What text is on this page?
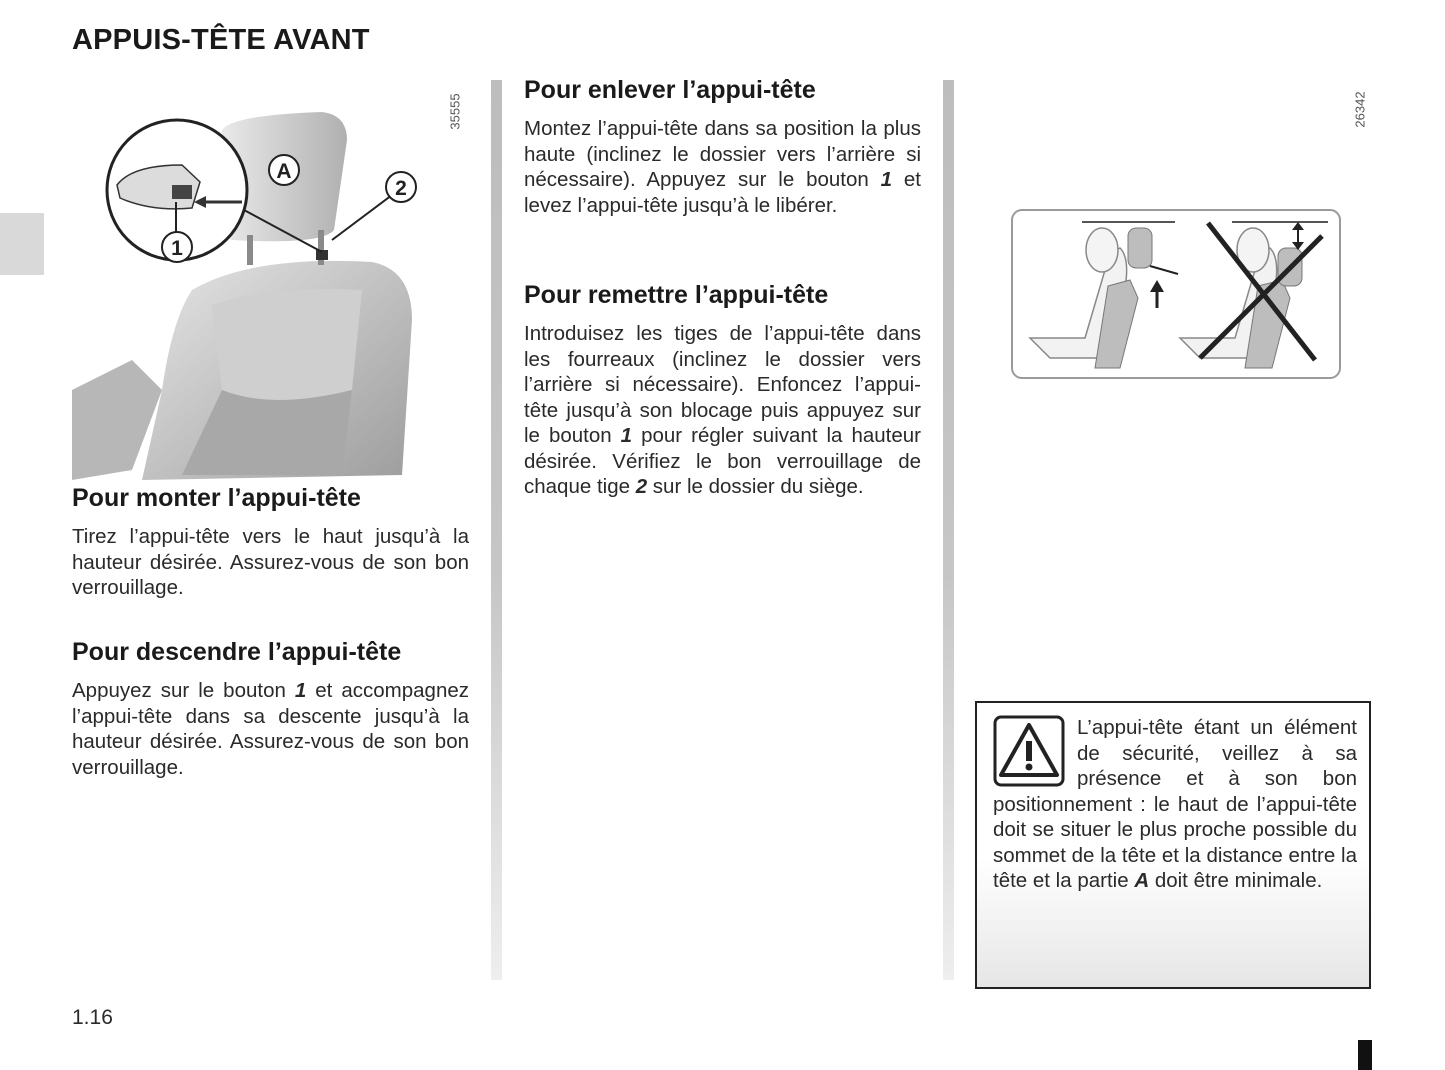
APPUIS-TÊTE AVANT
A
2
1
35555
Pour monter l’appui-tête

Tirez l’appui-tête vers le haut jusqu’à la hauteur désirée. Assurez-vous de son bon verrouillage.

Pour descendre l’appui-tête

Appuyez sur le bouton 1 et accompagnez l’appui-tête dans sa descente jusqu’à la hauteur désirée. Assurez-vous de son bon verrouillage.

Pour enlever l’appui-tête

Montez l’appui-tête dans sa position la plus haute (inclinez le dossier vers l’arrière si nécessaire). Appuyez sur le bouton 1 et levez l’appui-tête jusqu’à le libérer.

Pour remettre l’appui-tête

Introduisez les tiges de l’appui-tête dans les fourreaux (inclinez le dossier vers l’arrière si nécessaire). Enfoncez l’appui-tête jusqu’à son blocage puis appuyez sur le bouton 1 pour régler suivant la hauteur désirée. Vérifiez le bon verrouillage de chaque tige 2 sur le dossier du siège.

26342

L’appui-tête étant un élément de sécurité, veillez à sa présence et à son bon positionnement : le haut de l’appui-tête doit se situer le plus proche possible du sommet de la tête et la distance entre la tête et la partie A doit être minimale.

1.16
